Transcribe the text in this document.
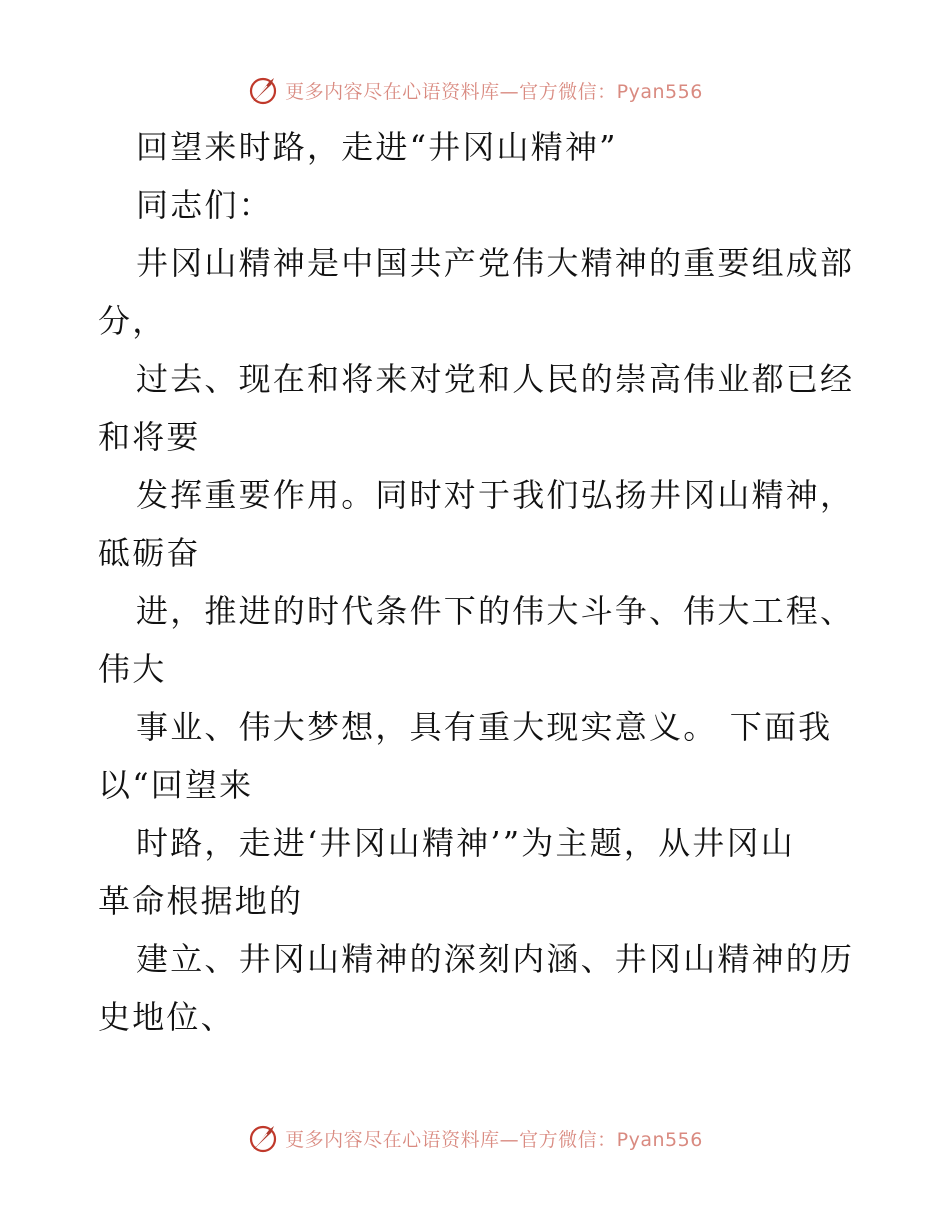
更多内容尽在心语资料库—官方微信：Pyan556
回望来时路，走进“井冈山精神”
同志们：
井冈山精神是中国共产党伟大精神的重要组成部
分，
过去、现在和将来对党和人民的崇高伟业都已经
和将要
发挥重要作用。同时对于我们弘扬井冈山精神，
砥砺奋
进，推进的时代条件下的伟大斗争、伟大工程、
伟大
事业、伟大梦想，具有重大现实意义。 下面我
以“回望来
时路，走进‘井冈山精神’”为主题，从井冈山
革命根据地的
建立、井冈山精神的深刻内涵、井冈山精神的历
史地位、
更多内容尽在心语资料库—官方微信：Pyan556
